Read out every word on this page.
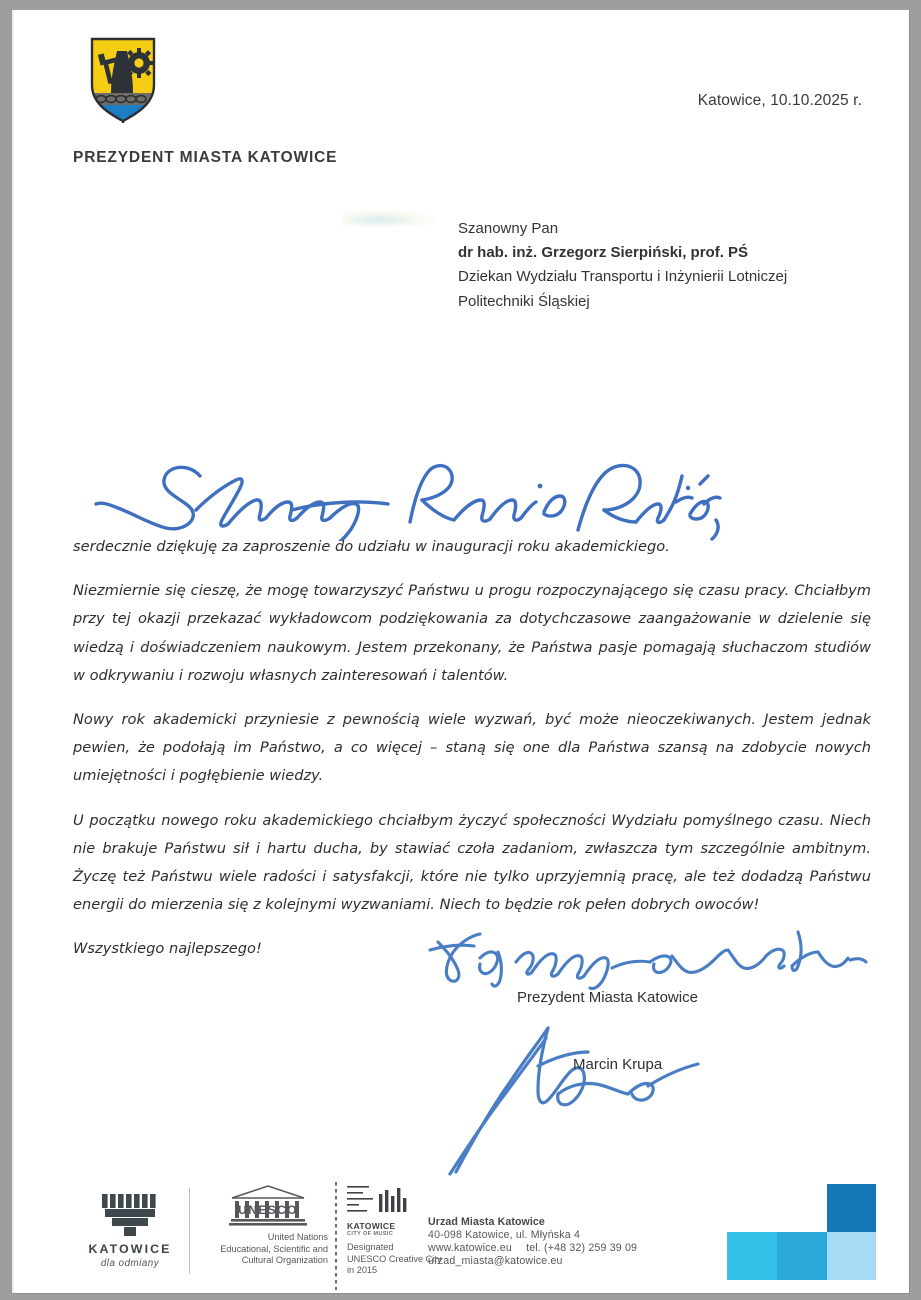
Katowice, 10.10.2025 r.
PREZYDENT MIASTA KATOWICE
Szanowny Pan
dr hab. inż. Grzegorz Sierpiński, prof. PŚ
Dziekan Wydziału Transportu i Inżynierii Lotniczej
Politechniki Śląskiej

serdecznie dziękuję za zaproszenie do udziału w inauguracji roku akademickiego.

Niezmiernie się cieszę, że mogę towarzyszyć Państwu u progu rozpoczynającego się czasu pracy. Chciałbym przy tej okazji przekazać wykładowcom podziękowania za dotychczasowe zaangażowanie w dzielenie się wiedzą i doświadczeniem naukowym. Jestem przekonany, że Państwa pasje pomagają słuchaczom studiów w odkrywaniu i rozwoju własnych zainteresowań i talentów.

Nowy rok akademicki przyniesie z pewnością wiele wyzwań, być może nieoczekiwanych. Jestem jednak pewien, że podołają im Państwo, a co więcej – staną się one dla Państwa szansą na zdobycie nowych umiejętności i pogłębienie wiedzy.

U początku nowego roku akademickiego chciałbym życzyć społeczności Wydziału pomyślnego czasu. Niech nie brakuje Państwu sił i hartu ducha, by stawiać czoła zadaniom, zwłaszcza tym szczególnie ambitnym. Życzę też Państwu wiele radości i satysfakcji, które nie tylko uprzyjemnią pracę, ale też dodadzą Państwu energii do mierzenia się z kolejnymi wyzwaniami. Niech to będzie rok pełen dobrych owoców!

Wszystkiego najlepszego!

Prezydent Miasta Katowice
Marcin Krupa
KATOWICE
dla odmiany
UNESCO
United Nations
Educational, Scientific and
Cultural Organization
KATOWICE
CITY OF MUSIC
Designated
UNESCO Creative City
in 2015
Urzad Miasta Katowice
40-098 Katowice, ul. Młyńska 4
www.katowice.eu tel. (+48 32) 259 39 09
urzad_miasta@katowice.eu
